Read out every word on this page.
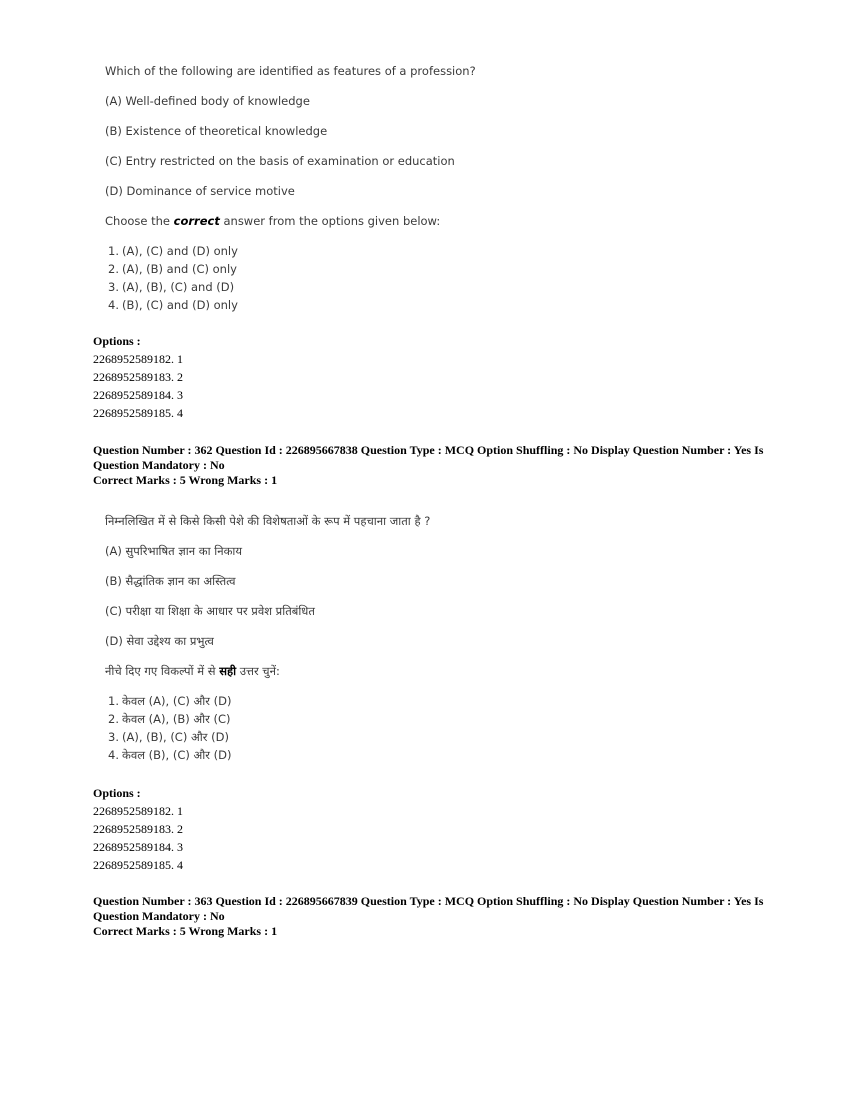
Which of the following are identified as features of a profession?

(A) Well-defined body of knowledge

(B) Existence of theoretical knowledge

(C) Entry restricted on the basis of examination or education

(D) Dominance of service motive

Choose the correct answer from the options given below:

1. (A), (C) and (D) only
2. (A), (B) and (C) only
3. (A), (B), (C) and (D)
4. (B), (C) and (D) only
Options :
2268952589182. 1
2268952589183. 2
2268952589184. 3
2268952589185. 4

Question Number : 362 Question Id : 226895667838 Question Type : MCQ Option Shuffling : No Display Question Number : Yes Is

Question Mandatory : No

Correct Marks : 5 Wrong Marks : 1

निम्नलिखित में से किसे किसी पेशे की विशेषताओं के रूप में पहचाना जाता है ?

(A) सुपरिभाषित ज्ञान का निकाय

(B) सैद्धांतिक ज्ञान का अस्तित्व

(C) परीक्षा या शिक्षा के आधार पर प्रवेश प्रतिबंधित

(D) सेवा उद्देश्य का प्रभुत्व

नीचे दिए गए विकल्पों में से सही उत्तर चुनें:

1. केवल (A), (C) और (D)
2. केवल (A), (B) और (C)
3. (A), (B), (C) और (D)
4. केवल (B), (C) और (D)
Options :
2268952589182. 1
2268952589183. 2
2268952589184. 3
2268952589185. 4

Question Number : 363 Question Id : 226895667839 Question Type : MCQ Option Shuffling : No Display Question Number : Yes Is

Question Mandatory : No

Correct Marks : 5 Wrong Marks : 1
